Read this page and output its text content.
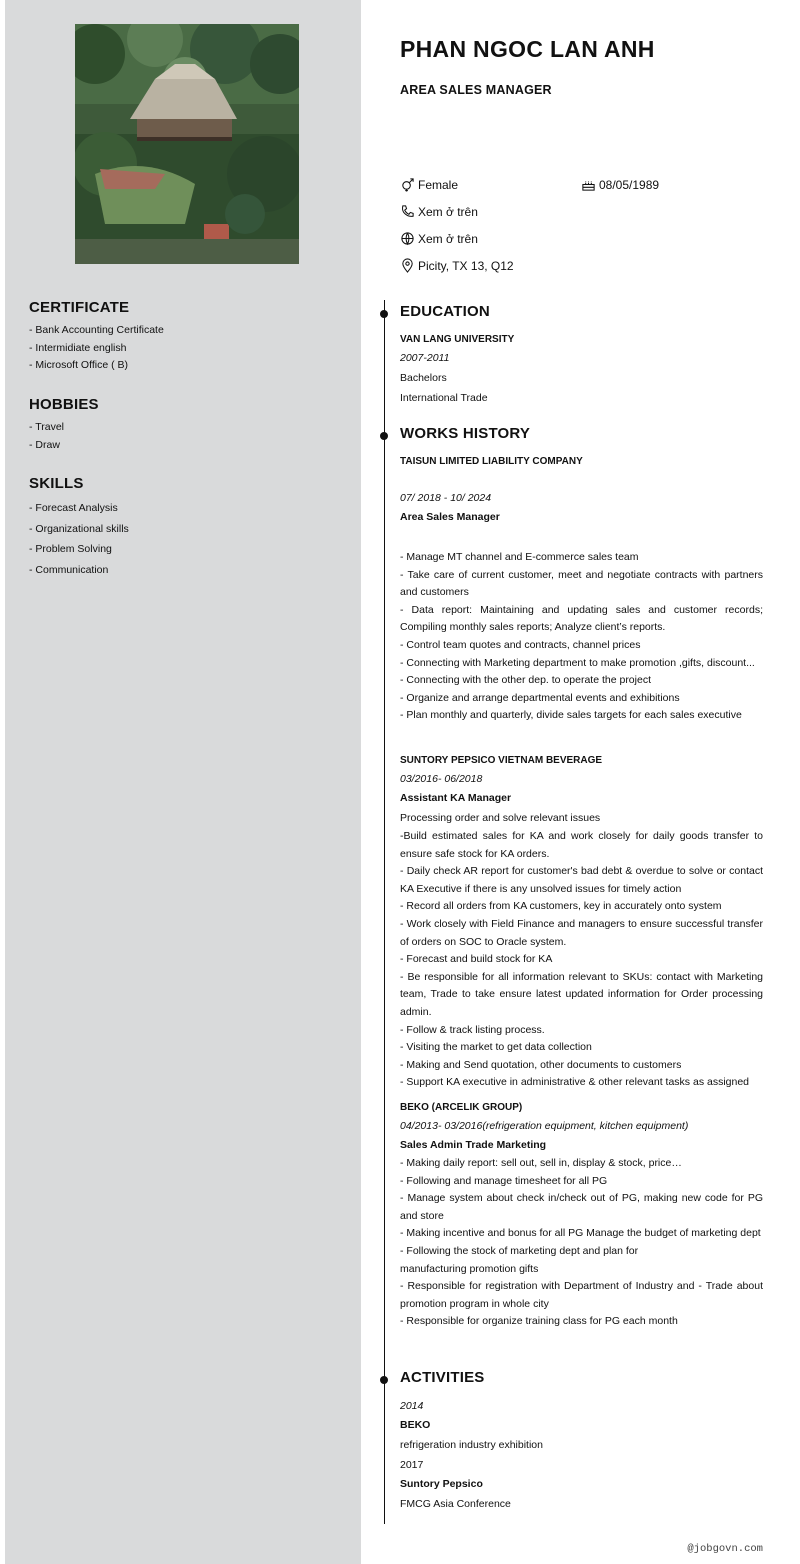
CERTIFICATE
- Bank Accounting Certificate
- Intermidiate english
- Microsoft Office ( B)
HOBBIES
- Travel
- Draw
SKILLS
- Forecast Analysis
- Organizational skills
- Problem Solving
- Communication
PHAN NGOC LAN ANH
AREA SALES MANAGER
Female	08/05/1989
Xem ở trên
Xem ở trên
Picity, TX 13, Q12
EDUCATION
VAN LANG UNIVERSITY
2007-2011
Bachelors
International Trade
WORKS HISTORY
TAISUN LIMITED LIABILITY COMPANY
07/ 2018 - 10/ 2024
Area Sales Manager
- Manage MT channel and E-commerce sales team
- Take care of current customer, meet and negotiate contracts with partners and customers
- Data report: Maintaining and updating sales and customer records; Compiling monthly sales reports; Analyze client’s reports.
- Control team quotes and contracts, channel prices
- Connecting with Marketing department to make promotion ,gifts, discount...
- Connecting with the other dep. to operate the project
- Organize and arrange departmental events and exhibitions
- Plan monthly and quarterly, divide sales targets for each sales executive
SUNTORY PEPSICO VIETNAM BEVERAGE
03/2016- 06/2018
Assistant KA Manager
Processing order and solve relevant issues
-Build estimated sales for KA and work closely for daily goods transfer to ensure safe stock for KA orders.
- Daily check AR report for customer's bad debt & overdue to solve or contact KA Executive if there is any unsolved issues for timely action
- Record all orders from KA customers, key in accurately onto system
- Work closely with Field Finance and managers to ensure successful transfer of orders on SOC to Oracle system.
- Forecast and build stock for KA
- Be responsible for all information relevant to SKUs: contact with Marketing team, Trade to take ensure latest updated information for Order processing admin.
- Follow & track listing process.
- Visiting the market to get data collection
- Making and Send quotation, other documents to customers
- Support KA executive in administrative & other relevant tasks as assigned
BEKO (ARCELIK GROUP)
04/2013- 03/2016(refrigeration equipment, kitchen equipment)
Sales Admin Trade Marketing
- Making daily report: sell out, sell in, display & stock, price…
- Following and manage timesheet for all PG
- Manage system about check in/check out of PG, making new code for PG and store
- Making incentive and bonus for all PG Manage the budget of marketing dept
- Following the stock of marketing dept and plan for
manufacturing promotion gifts
- Responsible for registration with Department of Industry and - Trade about promotion program in whole city
- Responsible for organize training class for PG each month
ACTIVITIES
2014
BEKO
refrigeration industry exhibition
2017
Suntory Pepsico
FMCG Asia Conference
@jobgovn.com
